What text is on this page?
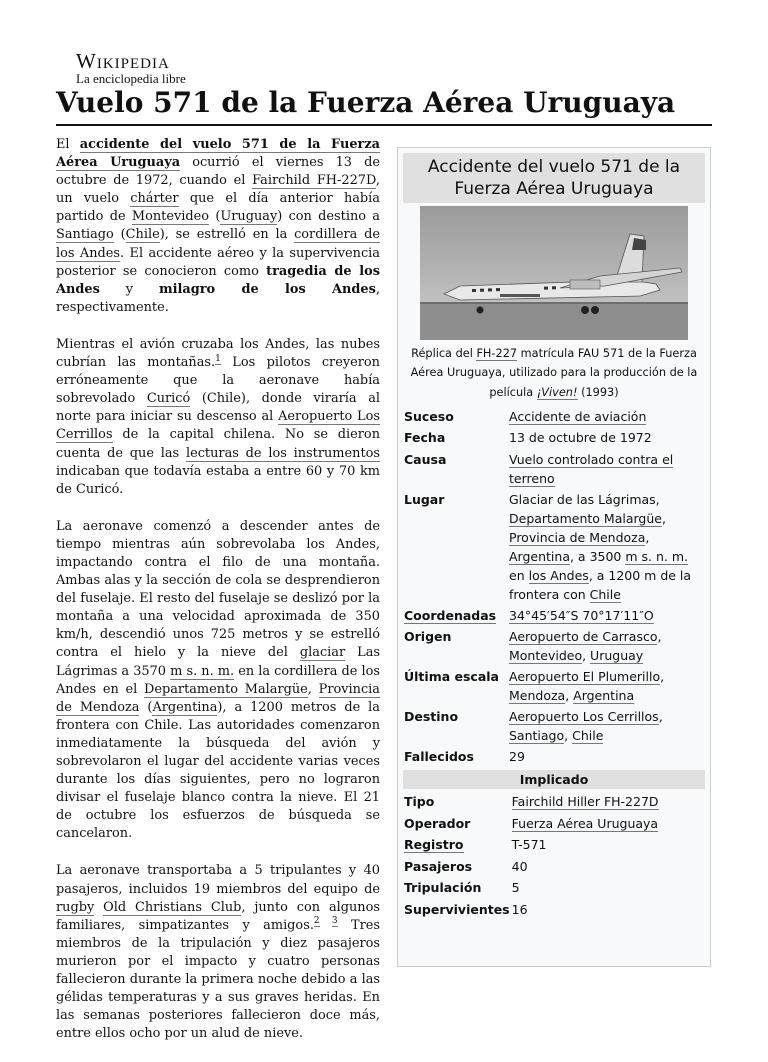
Wikipedia
La enciclopedia libre
Vuelo 571 de la Fuerza Aérea Uruguaya

El accidente del vuelo 571 de la Fuerza Aérea Uruguaya ocurrió el viernes 13 de octubre de 1972, cuando el Fairchild FH-227D, un vuelo chárter que el día anterior había partido de Montevideo (Uruguay) con destino a Santiago (Chile), se estrelló en la cordillera de los Andes. El accidente aéreo y la supervivencia posterior se conocieron como tragedia de los Andes y milagro de los Andes, respectivamente.

Mientras el avión cruzaba los Andes, las nubes cubrían las montañas.$^1$ Los pilotos creyeron erróneamente que la aeronave había sobrevolado Curicó (Chile), donde viraría al norte para iniciar su descenso al Aeropuerto Los Cerrillos de la capital chilena. No se dieron cuenta de que las lecturas de los instrumentos indicaban que todavía estaba a entre 60 y 70 km de Curicó.

La aeronave comenzó a descender antes de tiempo mientras aún sobrevolaba los Andes, impactando contra el filo de una montaña. Ambas alas y la sección de cola se desprendieron del fuselaje. El resto del fuselaje se deslizó por la montaña a una velocidad aproximada de 350 km/h, descendió unos 725 metros y se estrelló contra el hielo y la nieve del glaciar Las Lágrimas a 3570 m s. n. m. en la cordillera de los Andes en el Departamento Malargüe, Provincia de Mendoza (Argentina), a 1200 metros de la frontera con Chile. Las autoridades comenzaron inmediatamente la búsqueda del avión y sobrevolaron el lugar del accidente varias veces durante los días siguientes, pero no lograron divisar el fuselaje blanco contra la nieve. El 21 de octubre los esfuerzos de búsqueda se cancelaron.

La aeronave transportaba a 5 tripulantes y 40 pasajeros, incluidos 19 miembros del equipo de rugby Old Christians Club, junto con algunos familiares, simpatizantes y amigos.$^{2 3}$ Tres miembros de la tripulación y diez pasajeros murieron por el impacto y cuatro personas fallecieron durante la primera noche debido a las gélidas temperaturas y a sus graves heridas. En las semanas posteriores fallecieron doce más, entre ellos ocho por un alud de nieve.

Accidente del vuelo 571 de la Fuerza Aérea Uruguaya
Réplica del FH-227 matrícula FAU 571 de la Fuerza Aérea Uruguaya, utilizado para la producción de la película ¡Viven! (1993)
Suceso	Accidente de aviación
Fecha	13 de octubre de 1972
Causa	Vuelo controlado contra el terreno
Lugar	Glaciar de las Lágrimas, Departamento Malargüe, Provincia de Mendoza, Argentina, a 3500 m s. n. m. en los Andes, a 1200 m de la frontera con Chile
Coordenadas	34°45′54″S 70°17′11″O
Origen	Aeropuerto de Carrasco, Montevideo, Uruguay
Última escala	Aeropuerto El Plumerillo, Mendoza, Argentina
Destino	Aeropuerto Los Cerrillos, Santiago, Chile
Fallecidos	29
Implicado
Tipo	Fairchild Hiller FH-227D
Operador	Fuerza Aérea Uruguaya
Registro	T-571
Pasajeros	40
Tripulación	5
Supervivientes	16
